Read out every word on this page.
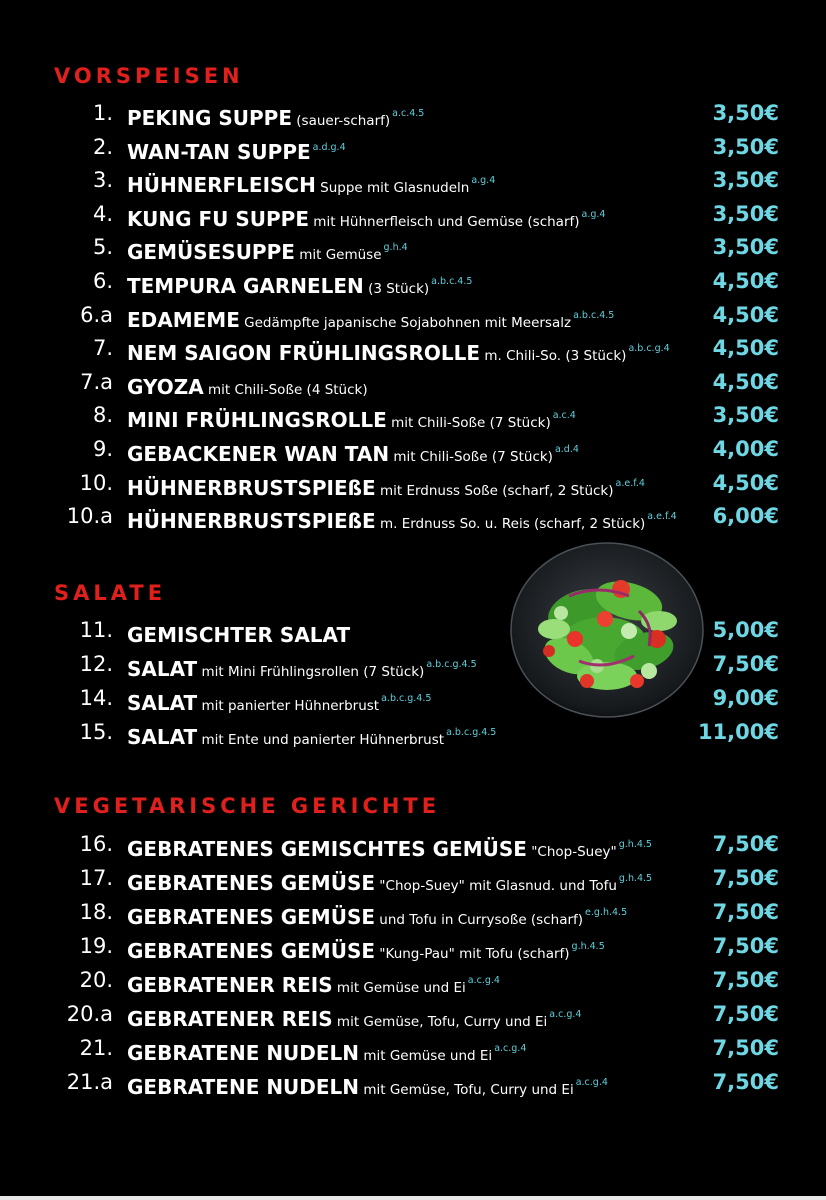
VORSPEISEN
1. PEKING SUPPE (sauer-scharf) $^{a.c.4.5}$	3,50€
2. WAN-TAN SUPPE $^{a.d.g.4}$	3,50€
3. HÜHNERFLEISCH Suppe mit Glasnudeln $^{a.g.4}$	3,50€
4. KUNG FU SUPPE mit Hühnerfleisch und Gemüse (scharf) $^{a.g.4}$	3,50€
5. GEMÜSESUPPE mit Gemüse $^{g.h.4}$	3,50€
6. TEMPURA GARNELEN (3 Stück) $^{a.b.c.4.5}$	4,50€
6.a EDAMEME Gedämpfte japanische Sojabohnen mit Meersalz $^{a.b.c.4.5}$	4,50€
7. NEM SAIGON FRÜHLINGSROLLE m. Chili-So. (3 Stück) $^{a.b.c.g.4}$ 4,50€
7.a GYOZA mit Chili-Soße (4 Stück)	4,50€
8. MINI FRÜHLINGSROLLE mit Chili-Soße (7 Stück) $^{a.c.4}$	3,50€
9. GEBACKENER WAN TAN mit Chili-Soße (7 Stück) $^{a.d.4}$	4,00€
10. HÜHNERBRUSTSPIEßE mit Erdnuss Soße (scharf, 2 Stück) $^{a.e.f.4}$	4,50€
10.a HÜHNERBRUSTSPIEßE m. Erdnuss So. u. Reis (scharf, 2 Stück) $^{a.e.f.4}$ 6,00€
SALATE
11. GEMISCHTER SALAT	5,00€
12. SALAT mit Mini Frühlingsrollen (7 Stück) $^{a.b.c.g.4.5}$	7,50€
14. SALAT mit panierter Hühnerbrust $^{a.b.c.g.4.5}$	9,00€
15. SALAT mit Ente und panierter Hühnerbrust $^{a.b.c.g.4.5}$	11,00€
VEGETARISCHE GERICHTE
16. GEBRATENES GEMISCHTES GEMÜSE "Chop-Suey" $^{g.h.4.5}$	7,50€
17. GEBRATENES GEMÜSE "Chop-Suey" mit Glasnud. und Tofu $^{g.h.4.5}$	7,50€
18. GEBRATENES GEMÜSE und Tofu in Currysoße (scharf) $^{e.g.h.4.5}$	7,50€
19. GEBRATENES GEMÜSE "Kung-Pau" mit Tofu (scharf) $^{g.h.4.5}$	7,50€
20. GEBRATENER REIS mit Gemüse und Ei $^{a.c.g.4}$	7,50€
20.a GEBRATENER REIS mit Gemüse, Tofu, Curry und Ei $^{a.c.g.4}$	7,50€
21. GEBRATENE NUDELN mit Gemüse und Ei $^{a.c.g.4}$	7,50€
21.a GEBRATENE NUDELN mit Gemüse, Tofu, Curry und Ei $^{a.c.g.4}$	7,50€
